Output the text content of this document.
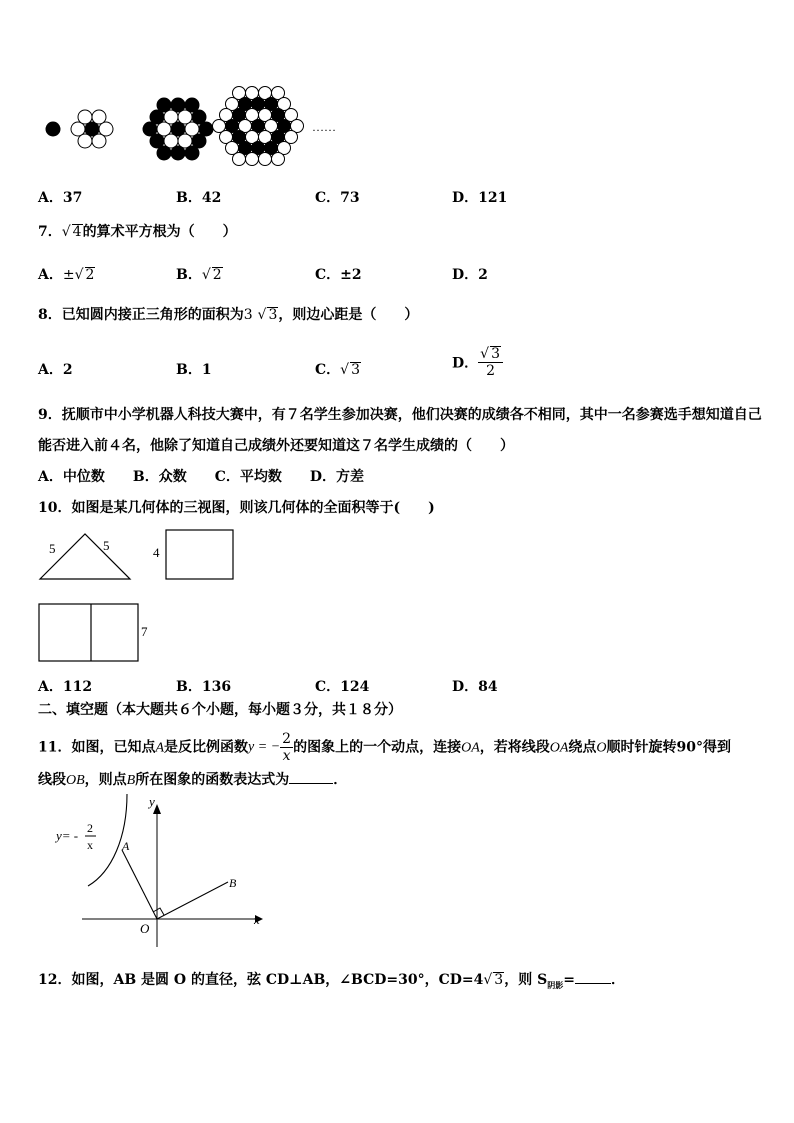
……
A．37	B．42	C．73	D．121
7．√ 4的算术平方根为（　　）
A．±√ 2	B．√ 2	C．±2	D．2
8．已知圆内接正三角形的面积为3 √ 3，则边心距是（　　）
A．2	B．1	C．√ 3	D． $\frac{√ 3}{2}$
9．抚顺市中小学机器人科技大赛中，有７名学生参加决赛，他们决赛的成绩各不相同，其中一名参赛选手想知道自己
能否进入前４名，他除了知道自己成绩外还要知道这７名学生成绩的（　　）
A．中位数　　B．众数　　C．平均数　　D．方差
10．如图是某几何体的三视图，则该几何体的全面积等于(　　)
5	5	4
7
A．112	B．136	C．124	D．84
二、填空题（本大题共６个小题，每小题３分，共１８分）
11．如图，已知点A是反比例函数y = − $\frac{2}{x}$ 的图象上的一个动点，连接OA，若将线段OA绕点O顺时针旋转90°得到
线段OB，则点B所在图象的函数表达式为	．
y
x
O
A
B
y= - 2
x
12．如图，AB 是圆 O 的直径，弦 CD⊥AB，∠BCD=30°，CD=4√ 3，则 $S_{阴影}=$	．
